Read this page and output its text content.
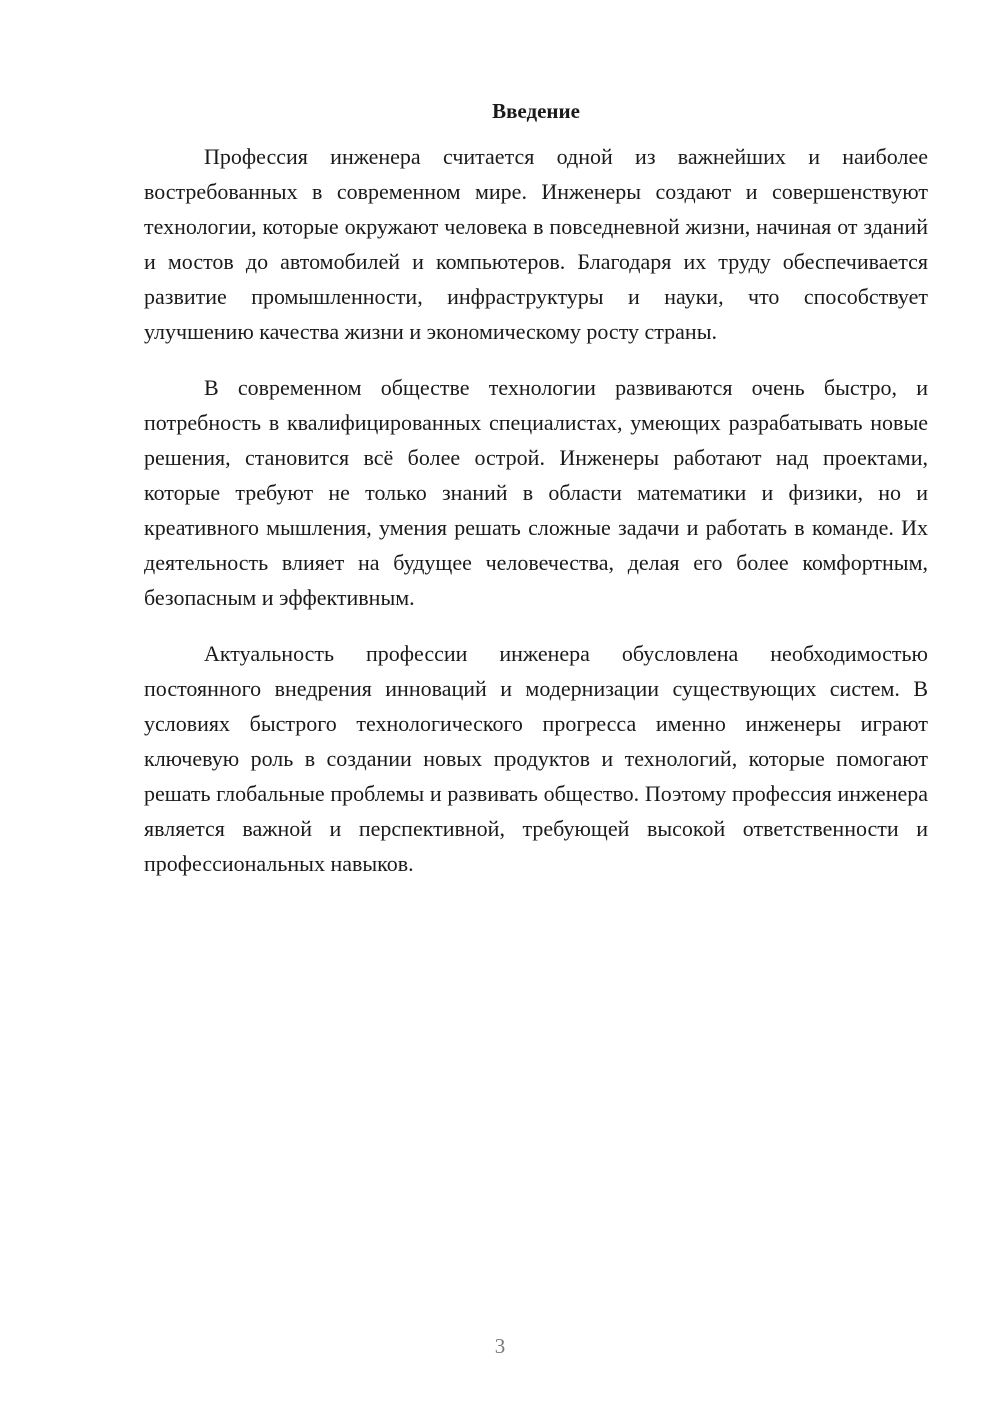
Введение

Профессия инженера считается одной из важнейших и наиболее востребованных в современном мире. Инженеры создают и совершенствуют технологии, которые окружают человека в повседневной жизни, начиная от зданий и мостов до автомобилей и компьютеров. Благодаря их труду обеспечивается развитие промышленности, инфраструктуры и науки, что способствует улучшению качества жизни и экономическому росту страны.

В современном обществе технологии развиваются очень быстро, и потребность в квалифицированных специалистах, умеющих разрабатывать новые решения, становится всё более острой. Инженеры работают над проектами, которые требуют не только знаний в области математики и физики, но и креативного мышления, умения решать сложные задачи и работать в команде. Их деятельность влияет на будущее человечества, делая его более комфортным, безопасным и эффективным.

Актуальность профессии инженера обусловлена необходимостью постоянного внедрения инноваций и модернизации существующих систем. В условиях быстрого технологического прогресса именно инженеры играют ключевую роль в создании новых продуктов и технологий, которые помогают решать глобальные проблемы и развивать общество. Поэтому профессия инженера является важной и перспективной, требующей высокой ответственности и профессиональных навыков.

3
